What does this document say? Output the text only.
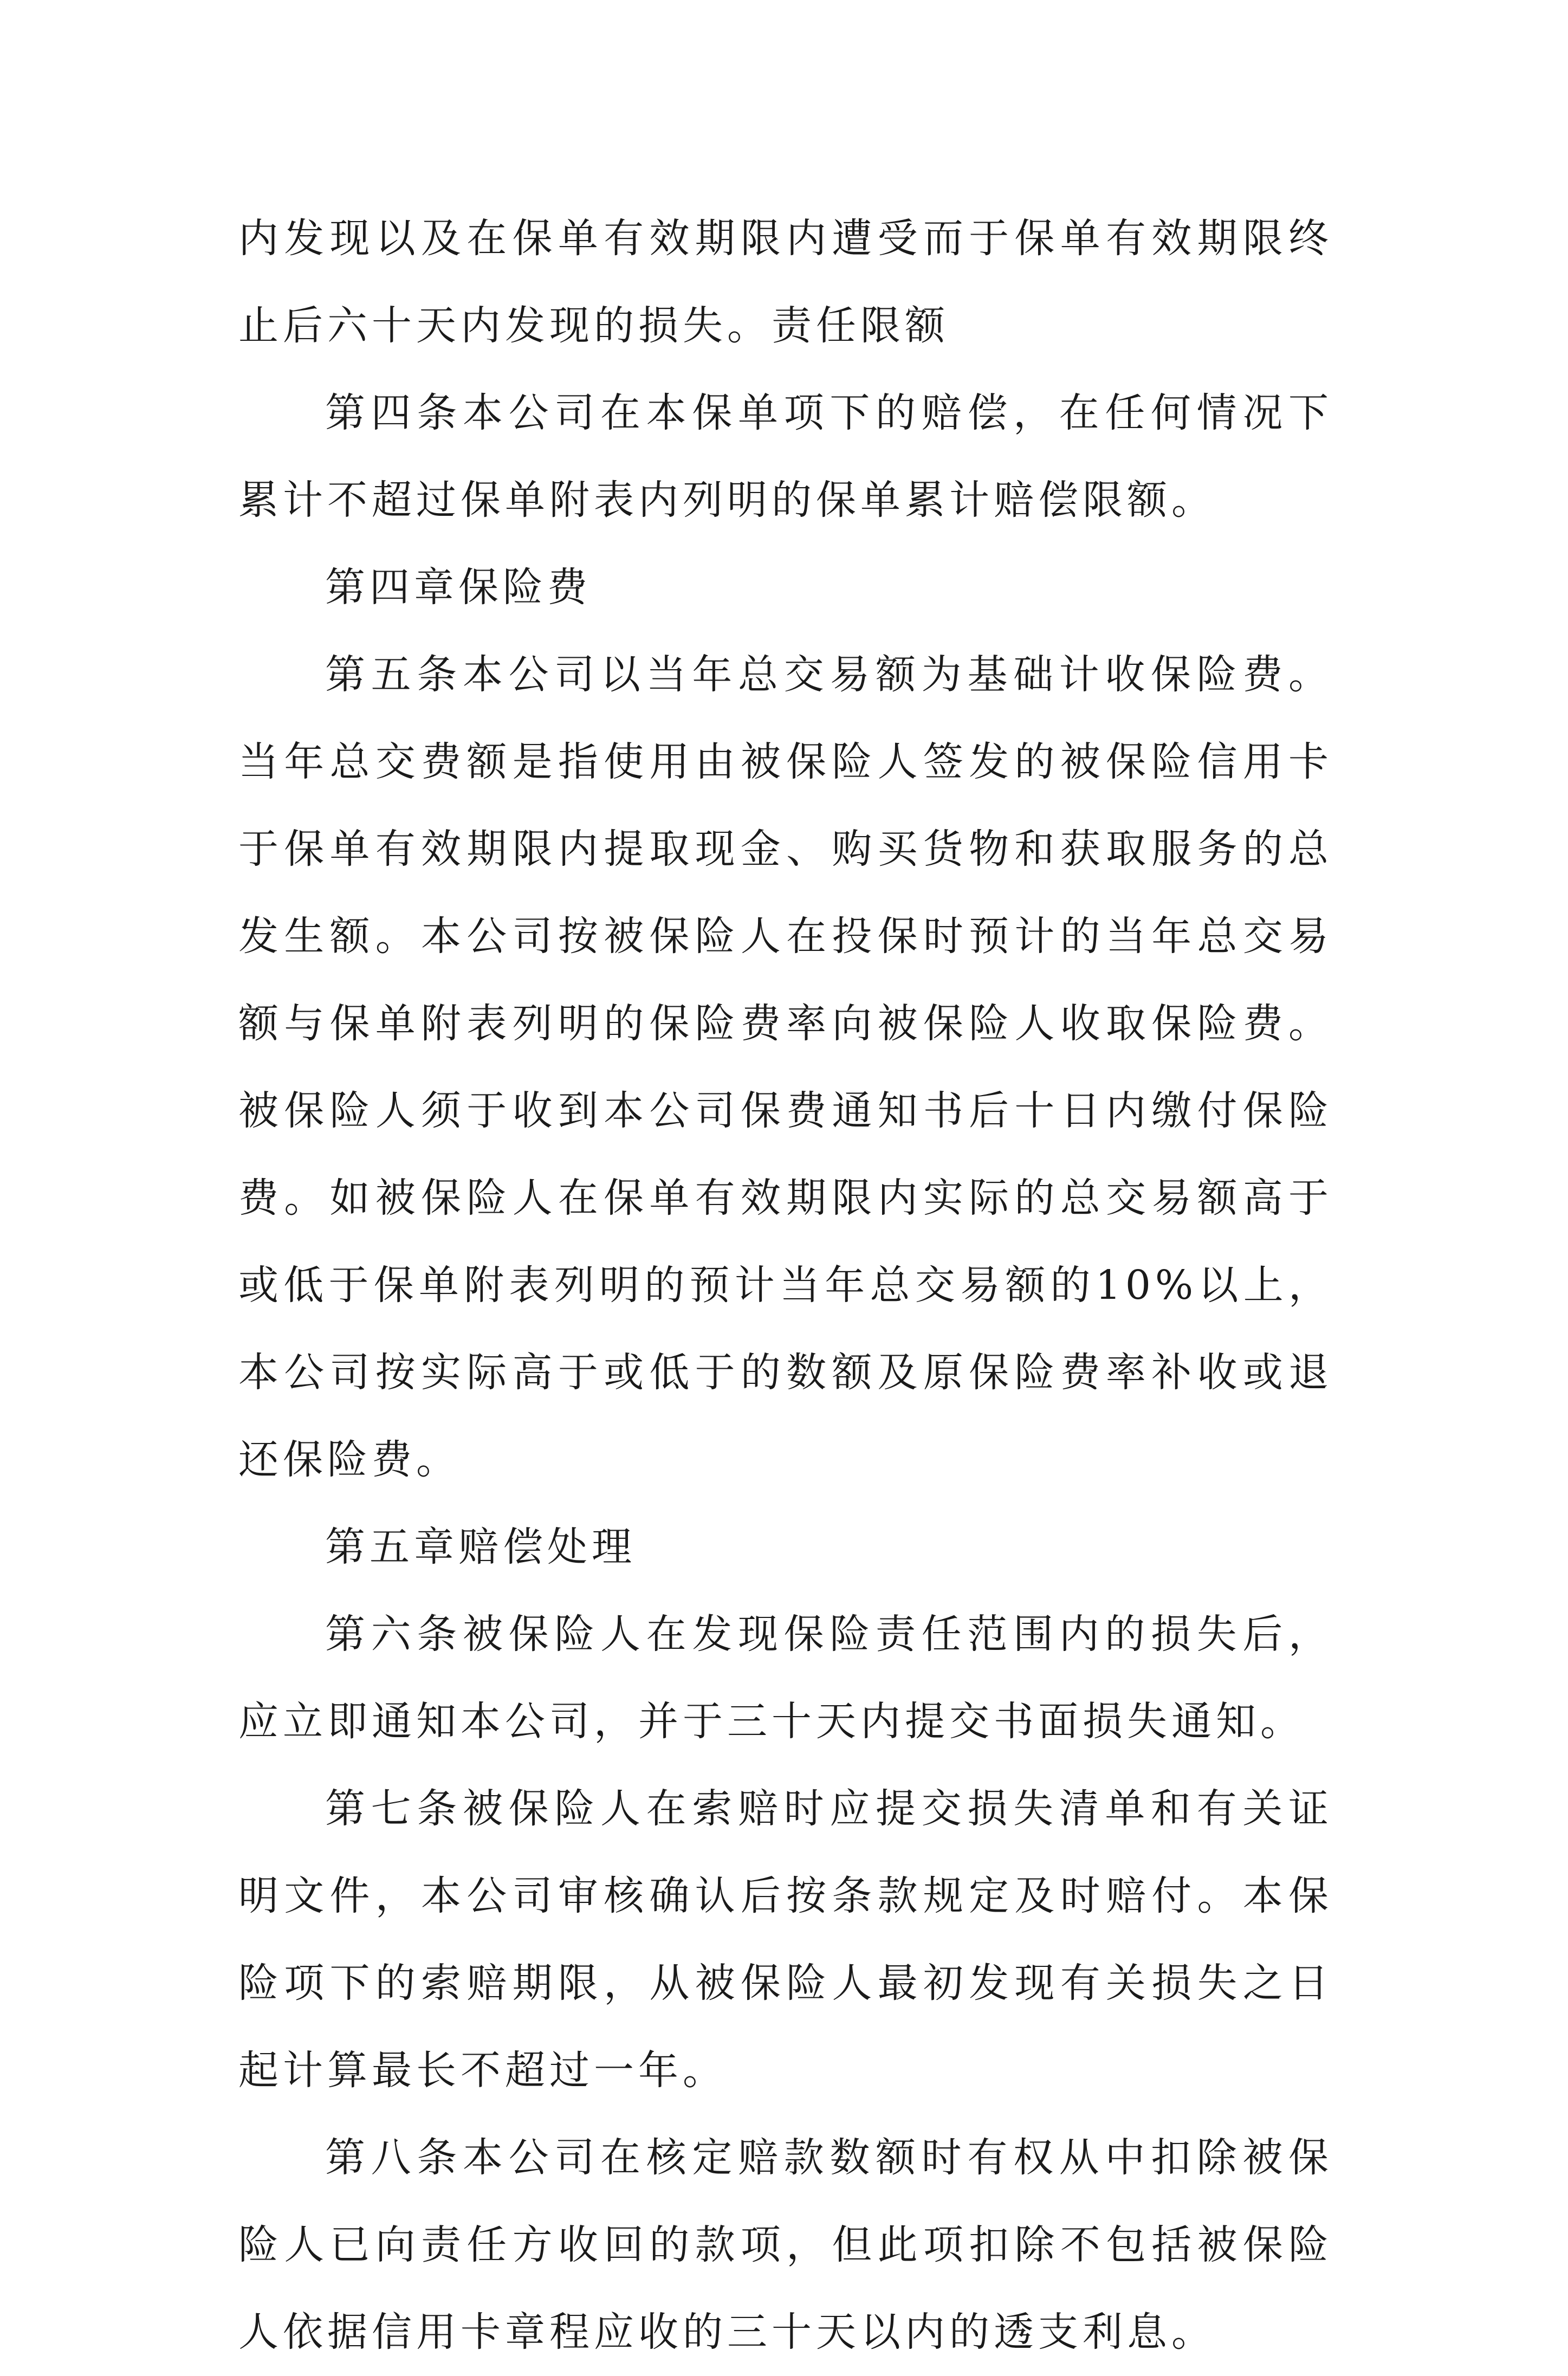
内发现以及在保单有效期限内遭受而于保单有效期限终止后六十天内发现的损失。责任限额

第四条本公司在本保单项下的赔偿，在任何情况下累计不超过保单附表内列明的保单累计赔偿限额。

第四章保险费

第五条本公司以当年总交易额为基础计收保险费。当年总交费额是指使用由被保险人签发的被保险信用卡于保单有效期限内提取现金、购买货物和获取服务的总发生额。本公司按被保险人在投保时预计的当年总交易额与保单附表列明的保险费率向被保险人收取保险费。被保险人须于收到本公司保费通知书后十日内缴付保险费。如被保险人在保单有效期限内实际的总交易额高于或低于保单附表列明的预计当年总交易额的10%以上，本公司按实际高于或低于的数额及原保险费率补收或退还保险费。

第五章赔偿处理

第六条被保险人在发现保险责任范围内的损失后，应立即通知本公司，并于三十天内提交书面损失通知。

第七条被保险人在索赔时应提交损失清单和有关证明文件，本公司审核确认后按条款规定及时赔付。本保险项下的索赔期限，从被保险人最初发现有关损失之日起计算最长不超过一年。

第八条本公司在核定赔款数额时有权从中扣除被保险人已向责任方收回的款项，但此项扣除不包括被保险人依据信用卡章程应收的三十天以内的透支利息。
